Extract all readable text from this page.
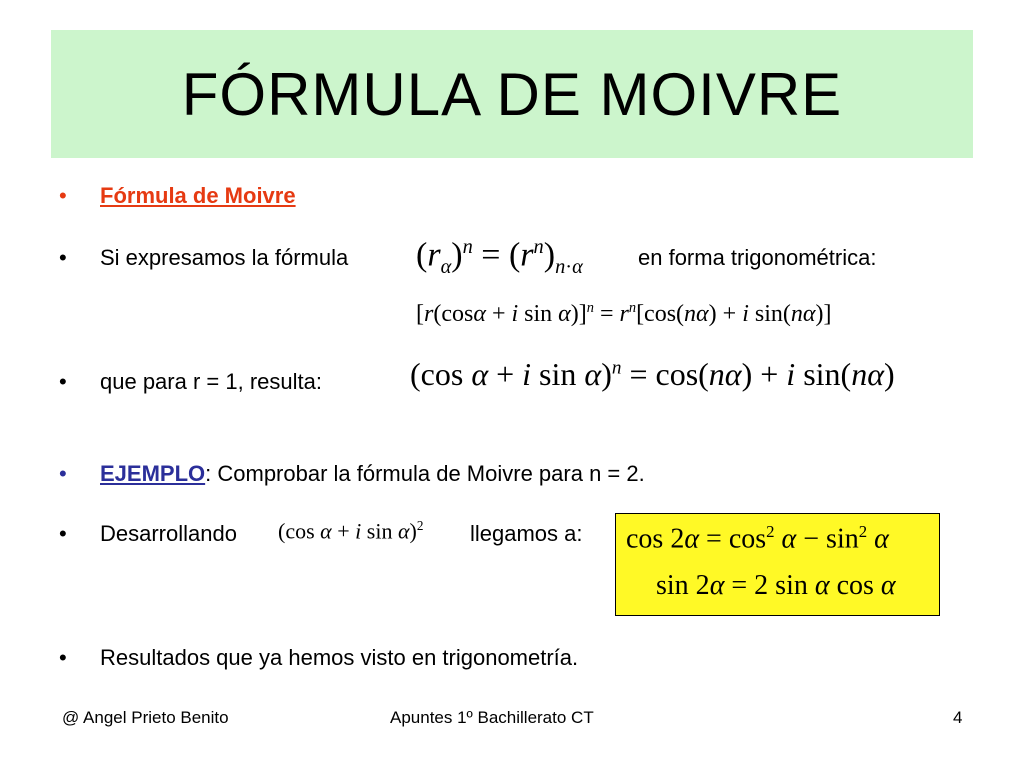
FÓRMULA DE MOIVRE
• Fórmula de Moivre
• Si expresamos la fórmula $(r_\alpha)^n = (r^n)_{n\cdot\alpha}$	en forma trigonométrica:
[r(cosα + i $\sin \alpha)]^n = r^n[\cos(n\alpha) + i$ sin(nα)]
• que para r = 1, resulta:	(cos α + i sin α)$^n$ = cos(nα) + i sin(nα)
• EJEMPLO: Comprobar la fórmula de Moivre para n = 2.
• Desarrollando (cos α + i sin α)$^2$ llegamos a: $\cos 2\alpha = \cos^2 \alpha - \sin^2 \alpha$
sin 2α = 2 sin α cos α
• Resultados que ya hemos visto en trigonometría.
@ Angel Prieto Benito	Apuntes 1º Bachillerato CT	4
